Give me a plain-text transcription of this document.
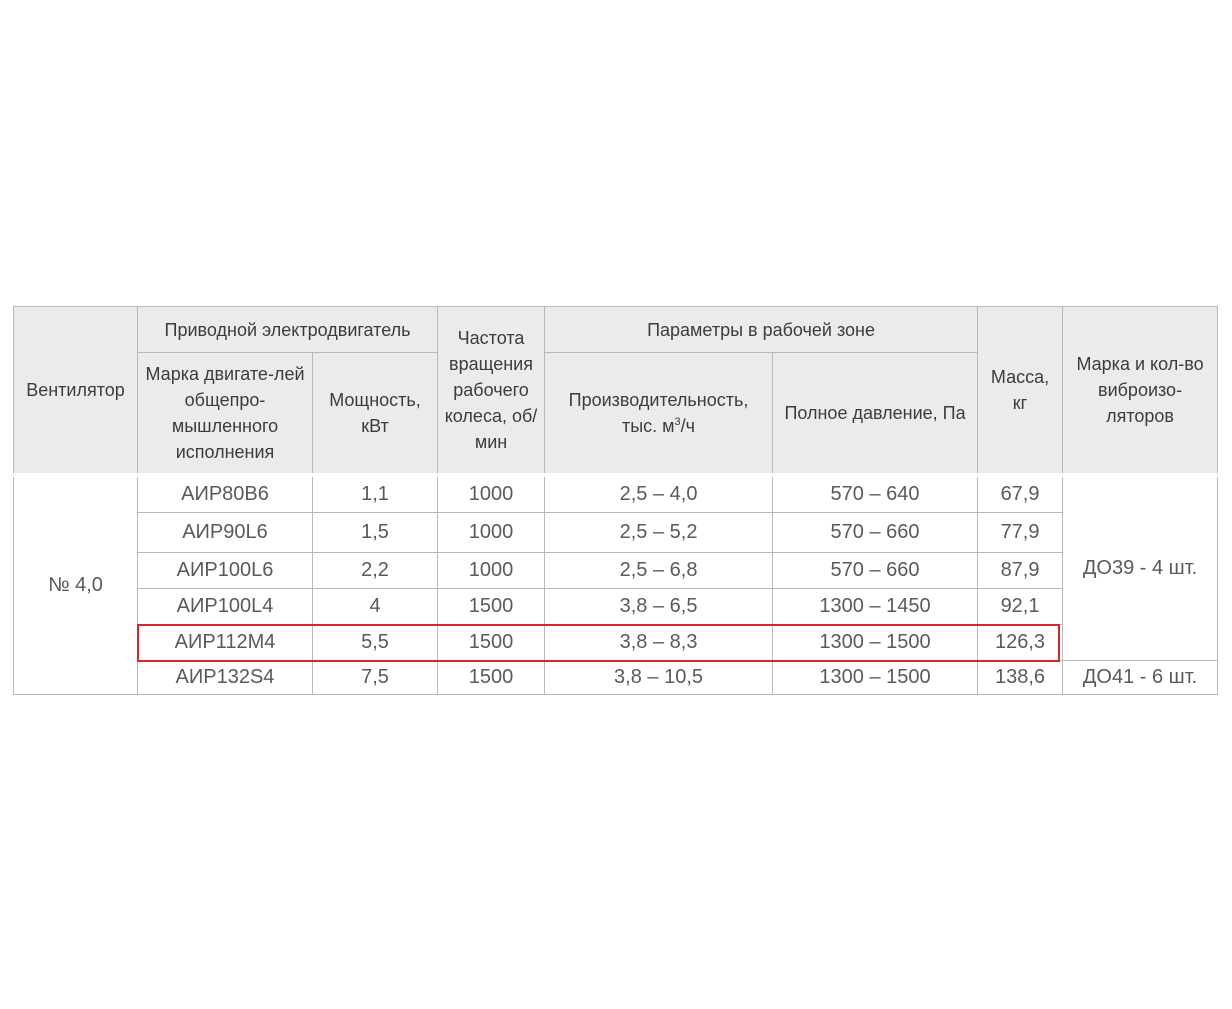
Вентилятор	Приводной электродвигатель		Частота вращения рабочего колеса, об/мин	Параметры в рабочей зоне		Масса, кг	Марка и кол-во виброизо-ляторов
	Марка двигате-лей общепро-мышленного исполнения	Мощность, кВт		Производительность, тыс. $м^3/ч$	Полное давление, Па		
№ 4,0	АИР80В6	1,1	1000	2,5 – 4,0	570 – 640	67,9	ДО39 - 4 шт.
	АИР90L6	1,5	1000	2,5 – 5,2	570 – 660	77,9	
	АИР100L6	2,2	1000	2,5 – 6,8	570 – 660	87,9	
	АИР100L4	4	1500	3,8 – 6,5	1300 – 1450	92,1	
	АИР112М4	5,5	1500	3,8 – 8,3	1300 – 1500	126,3	
	АИР132S4	7,5	1500	3,8 – 10,5	1300 – 1500	138,6	ДО41 - 6 шт.
